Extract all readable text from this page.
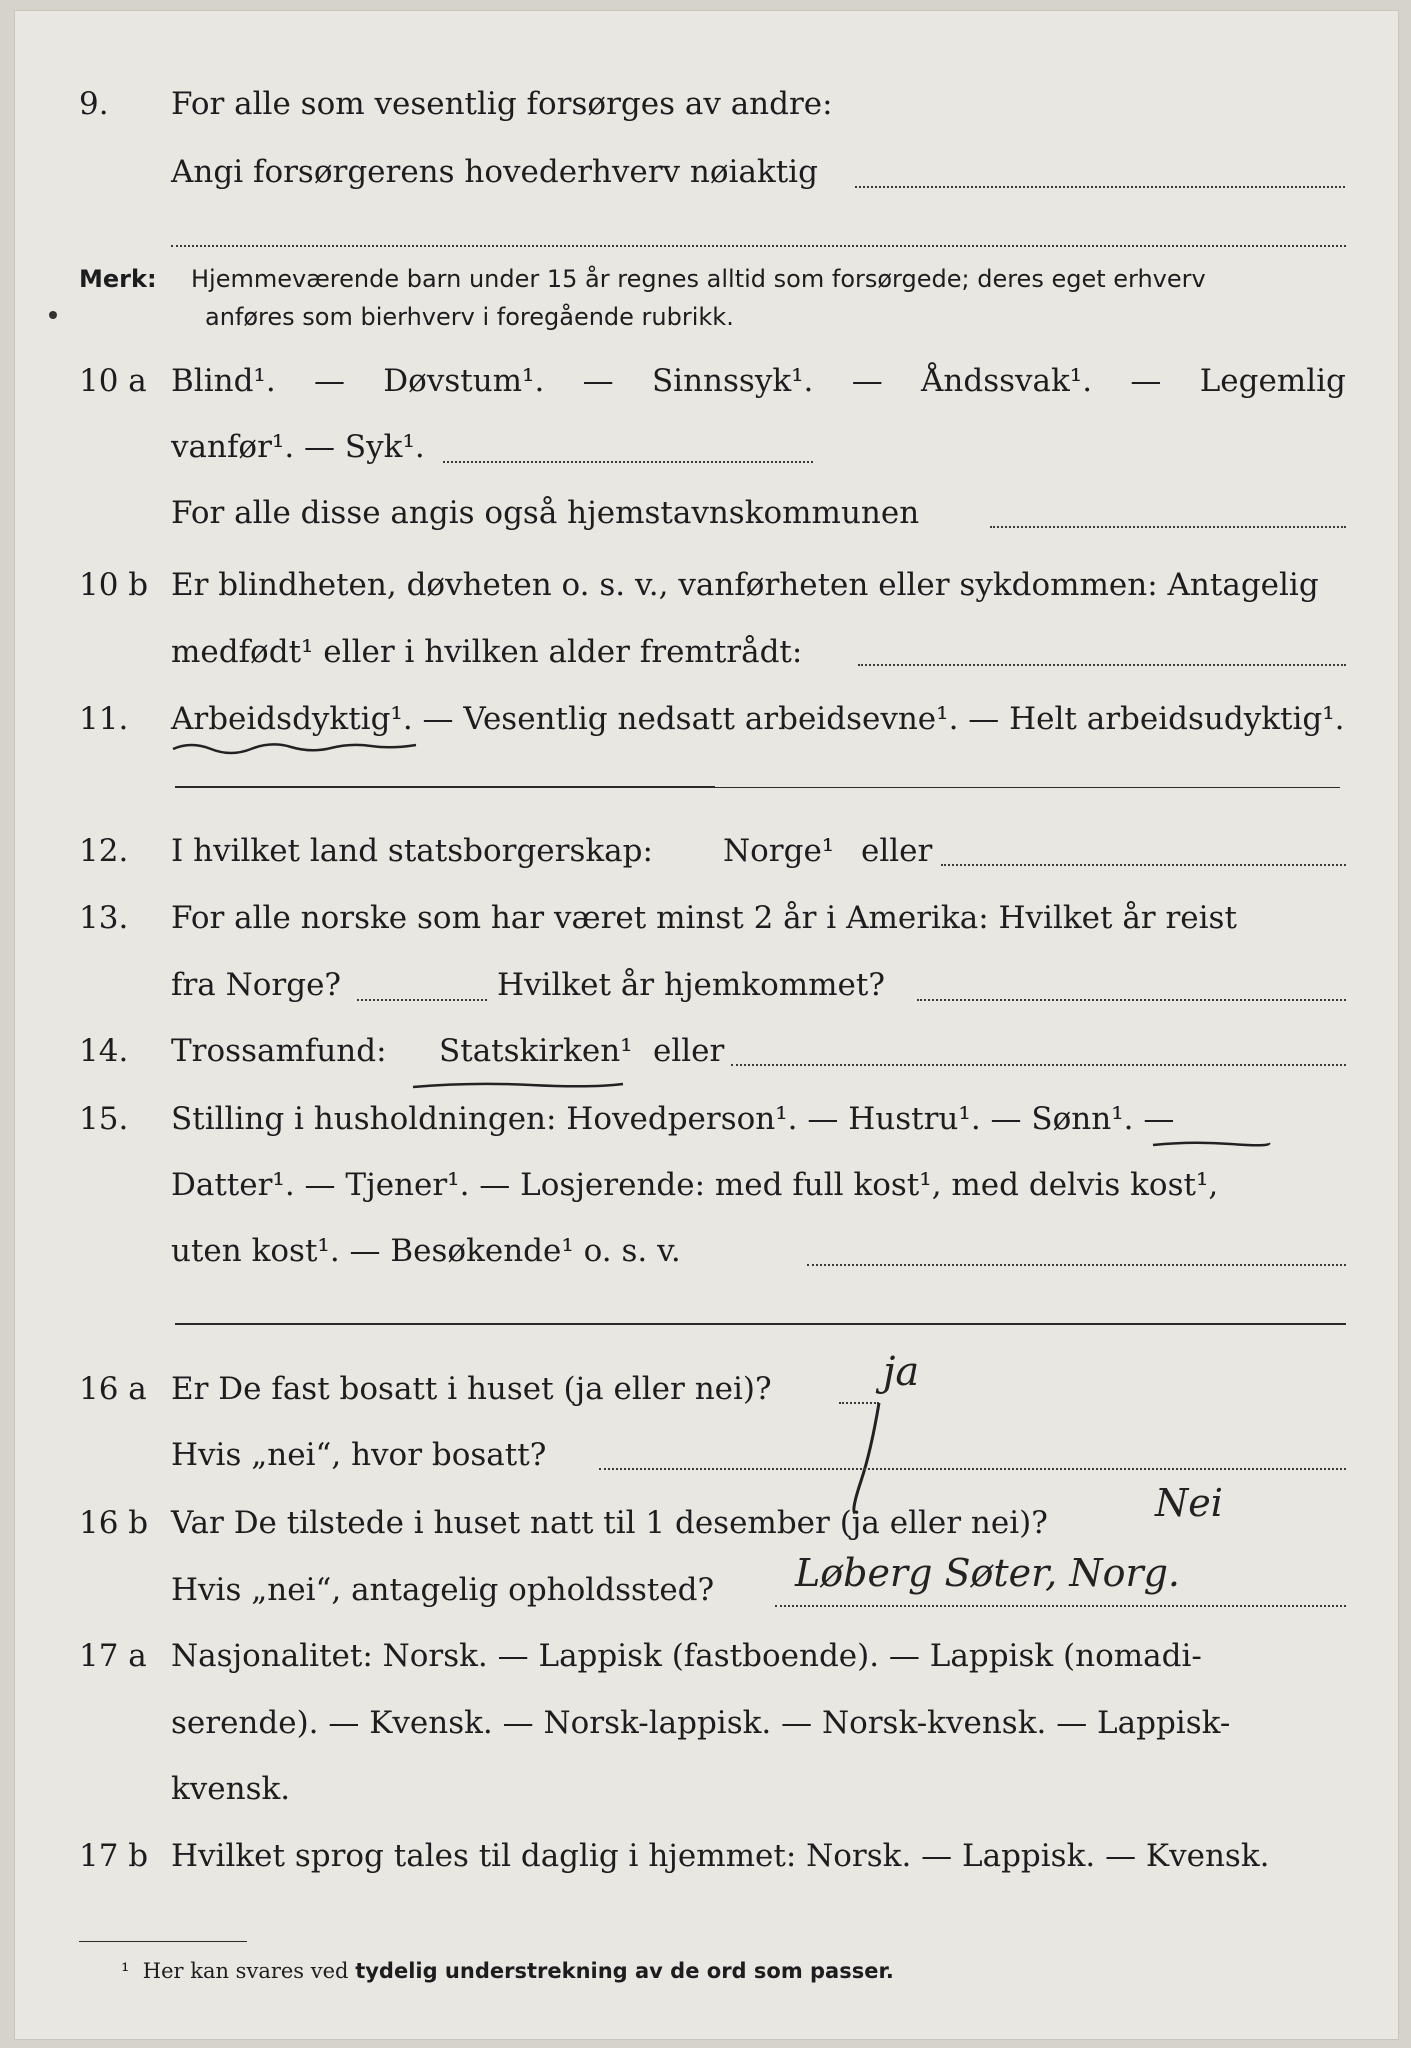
9. For alle som vesentlig forsørges av andre:
Angi forsørgerens hovederhverv nøiaktig
Merk: Hjemmeværende barn under 15 år regnes alltid som forsørgede; deres eget erhverv
anføres som bierhverv i foregående rubrikk.
10 a Blind¹. — Døvstum¹. — Sinnssyk¹. — Åndssvak¹. — Legemlig
vanfør¹. — Syk¹.
For alle disse angis også hjemstavnskommunen
10 b Er blindheten, døvheten o. s. v., vanførheten eller sykdommen: Antagelig
medfødt¹ eller i hvilken alder fremtrådt:
11. Arbeidsdyktig¹. — Vesentlig nedsatt arbeidsevne¹. — Helt arbeidsudyktig¹.
12. I hvilket land statsborgerskap: Norge¹ eller
13. For alle norske som har været minst 2 år i Amerika: Hvilket år reist
fra Norge?	Hvilket år hjemkommet?
14. Trossamfund: Statskirken¹ eller
15. Stilling i husholdningen: Hovedperson¹. — Hustru¹. — Sønn¹. —
Datter¹. — Tjener¹. — Losjerende: med full kost¹, med delvis kost¹,
uten kost¹. — Besøkende¹ o. s. v.
16 a Er De fast bosatt i huset (ja eller nei)?	ja
Hvis „nei“, hvor bosatt?
16 b Var De tilstede i huset natt til 1 desember (ja eller nei)?	Nei
Hvis „nei“, antagelig opholdssted? Løberg Søter, Norg.
17 a Nasjonalitet: Norsk. — Lappisk (fastboende). — Lappisk (nomadi-
serende). — Kvensk. — Norsk-lappisk. — Norsk-kvensk. — Lappisk-
kvensk.
17 b Hvilket sprog tales til daglig i hjemmet: Norsk. — Lappisk. — Kvensk.
¹ Her kan svares ved tydelig understrekning av de ord som passer.
